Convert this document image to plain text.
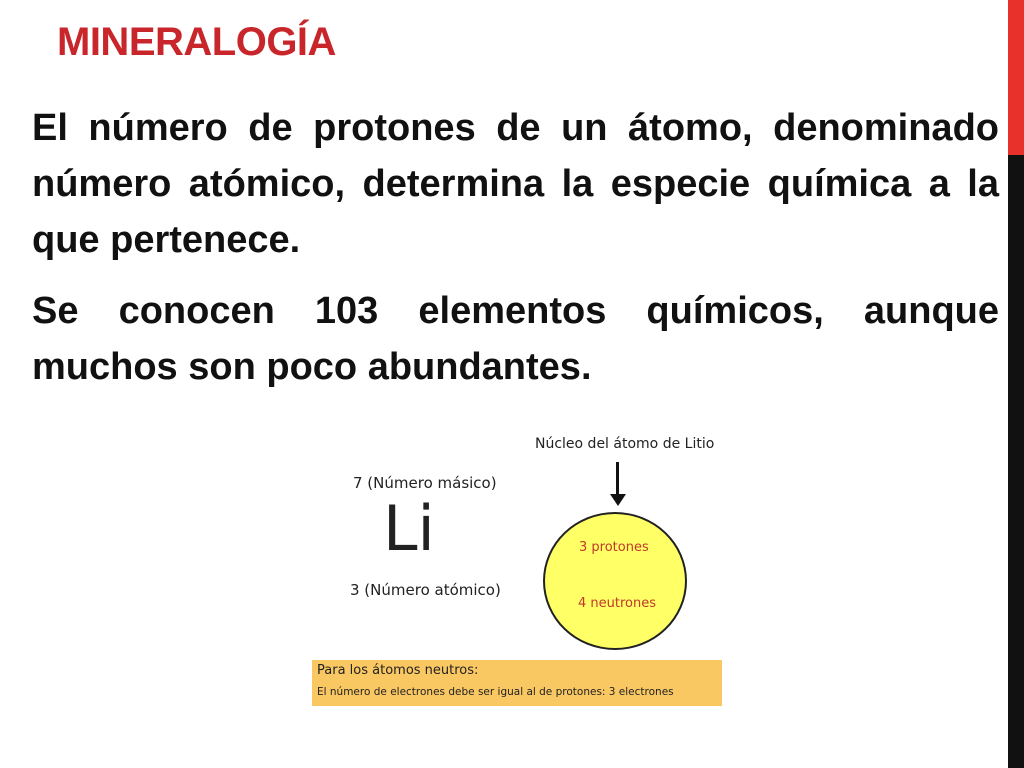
MINERALOGÍA

El número de protones de un átomo, denominado número atómico, determina la especie química a la que pertenece.

Se conocen 103 elementos químicos, aunque muchos son poco abundantes.

Núcleo del átomo de Litio
7 (Número másico)
Li
3 (Número atómico)
3 protones
4 neutrones
Para los átomos neutros:
El número de electrones debe ser igual al de protones: 3 electrones
